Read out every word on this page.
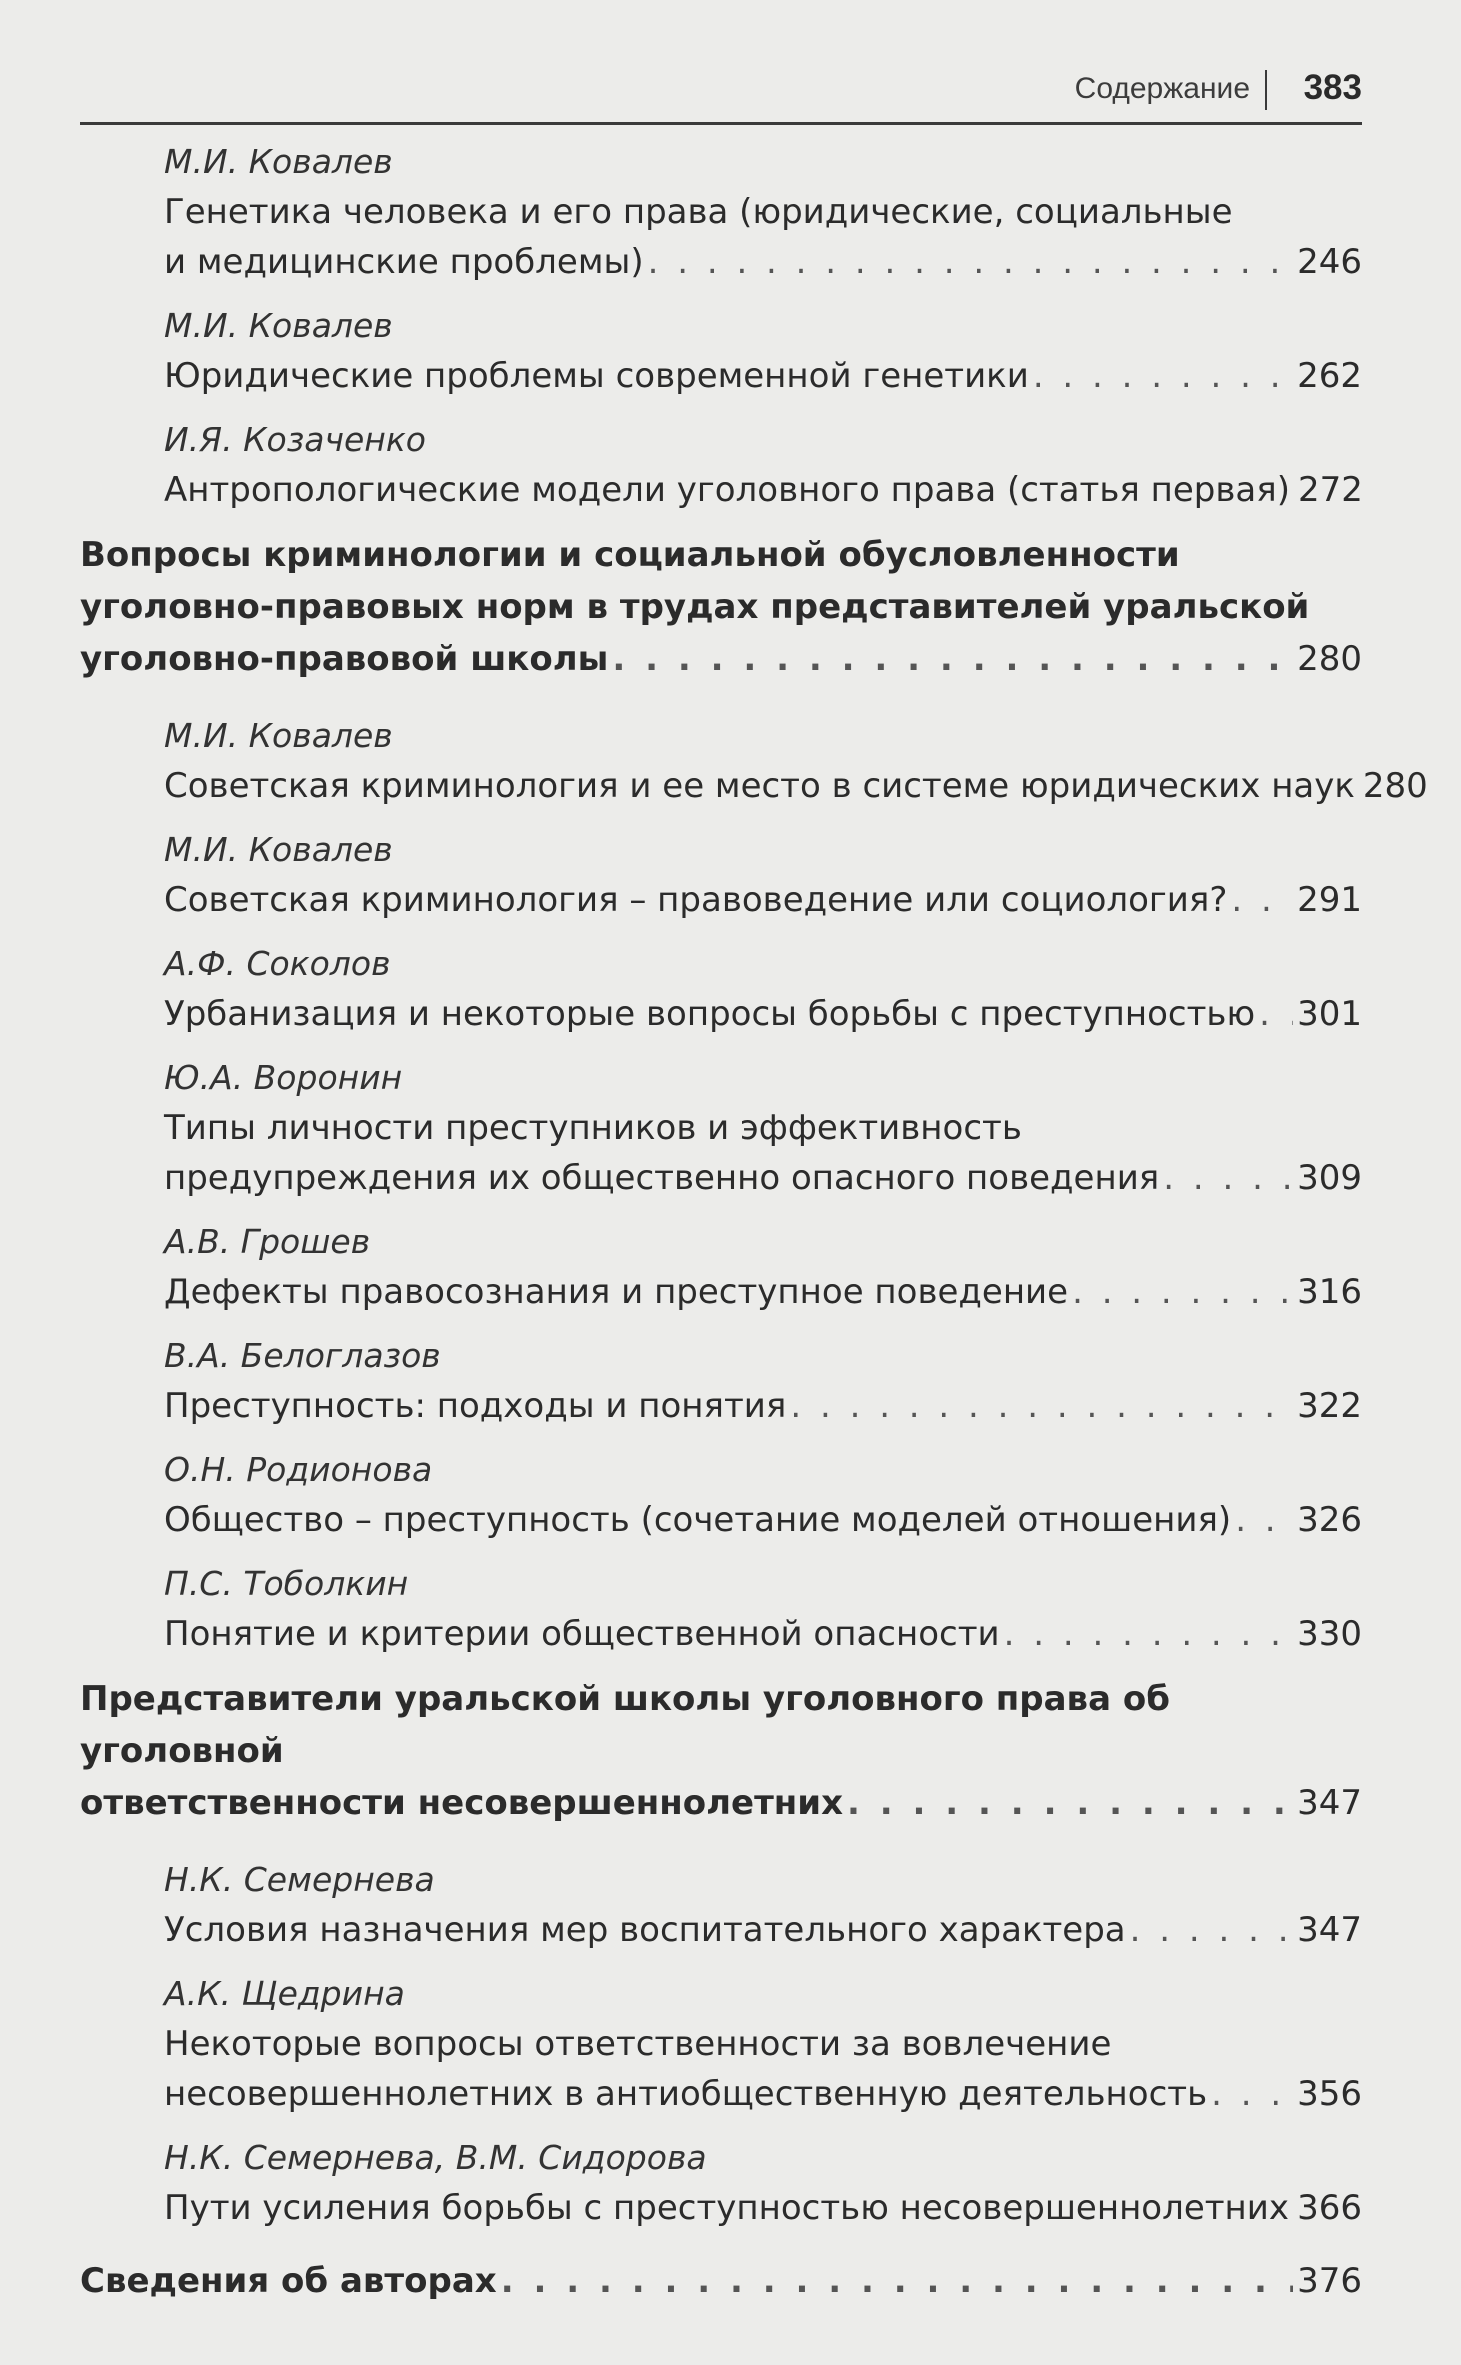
Содержание 383
М.И. Ковалев
Генетика человека и его права (юридические, социальные
и медицинские проблемы) . . .	246
М.И. Ковалев
Юридические проблемы современной генетики . . .	262
И.Я. Козаченко
Антропологические модели уголовного права (статья первая) 272
Вопросы криминологии и социальной обусловленности
уголовно-правовых норм в трудах представителей уральской
уголовно-правовой школы . . .	280
М.И. Ковалев
Советская криминология и ее место в системе юридических наук 280
М.И. Ковалев
Советская криминология – правоведение или социология? . . . 291
А.Ф. Соколов
Урбанизация и некоторые вопросы борьбы с преступностью . . . 301
Ю.А. Воронин
Типы личности преступников и эффективность
предупреждения их общественно опасного поведения . . .	309
А.В. Грошев
Дефекты правосознания и преступное поведение . . .	316
В.А. Белоглазов
Преступность: подходы и понятия . . .	322
О.Н. Родионова
Общество – преступность (сочетание моделей отношения) . . . 326
П.С. Тоболкин
Понятие и критерии общественной опасности . . .	330
Представители уральской школы уголовного права об уголовной
ответственности несовершеннолетних . . .	347
Н.К. Семернева
Условия назначения мер воспитательного характера . . .	347
А.К. Щедрина
Некоторые вопросы ответственности за вовлечение
несовершеннолетних в антиобщественную деятельность . . .	356
Н.К. Семернева, В.М. Сидорова
Пути усиления борьбы с преступностью несовершеннолетних . . . 366
Сведения об авторах . . .	376
